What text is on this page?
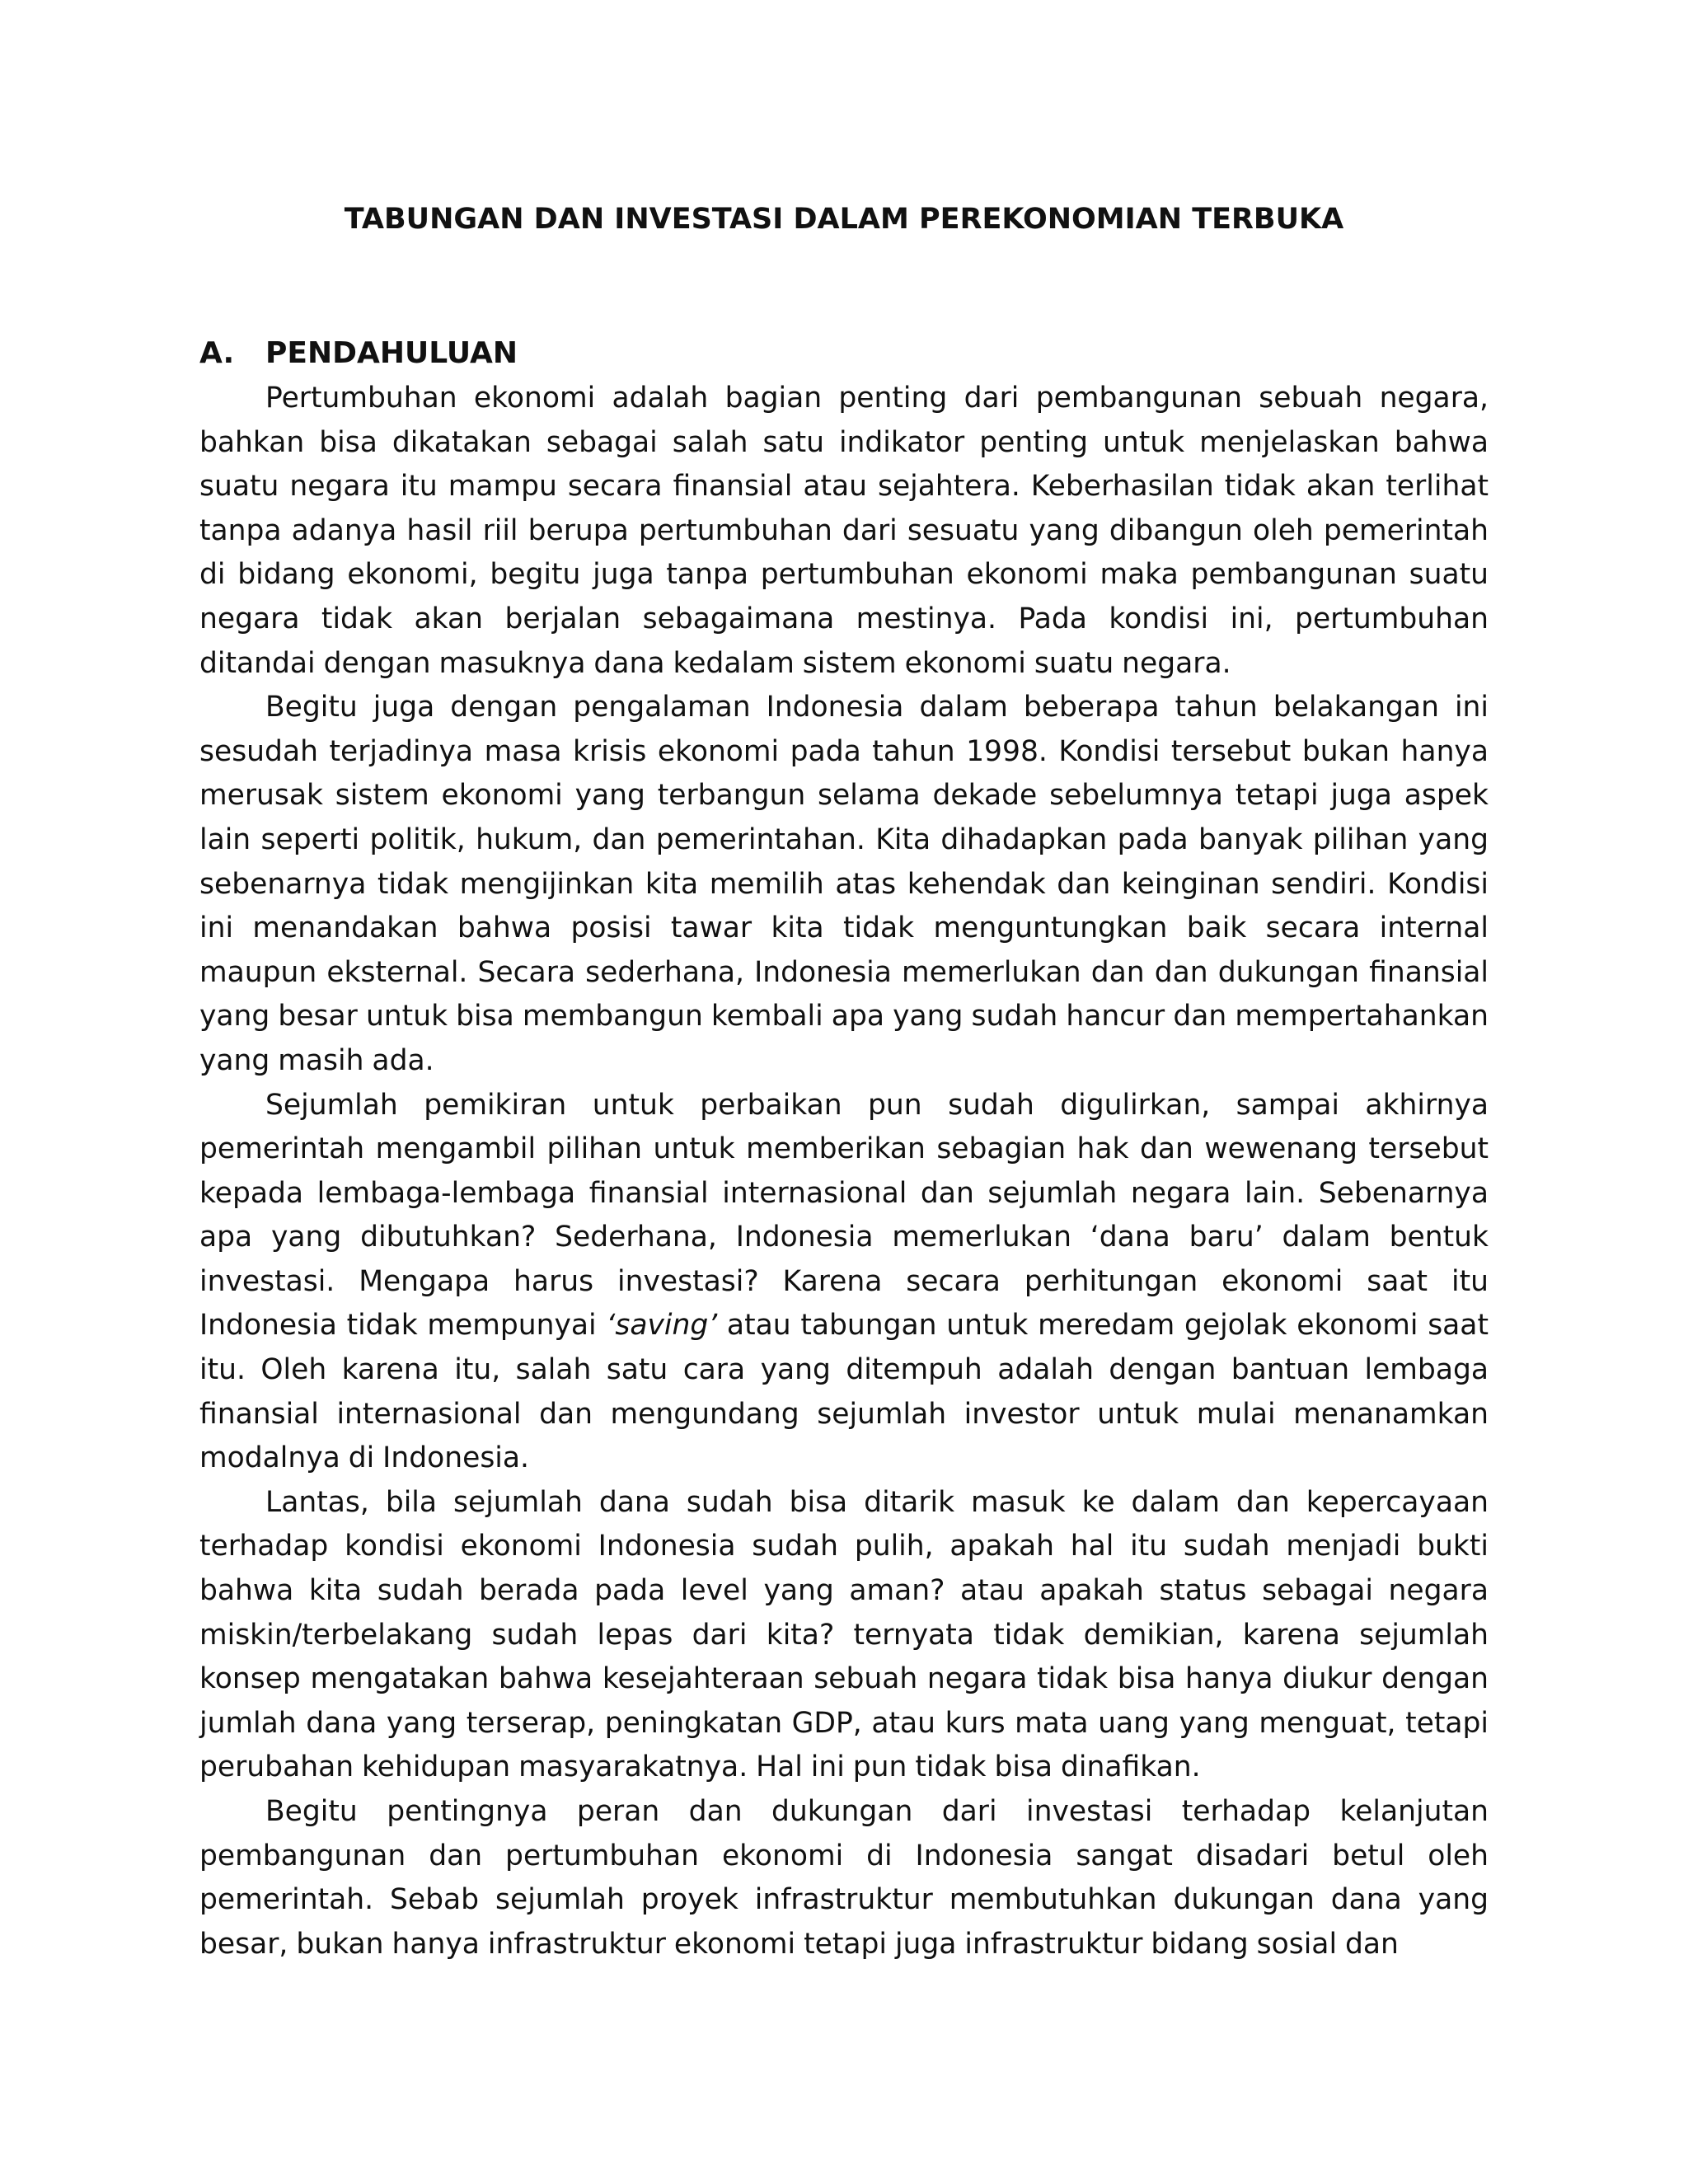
TABUNGAN DAN INVESTASI DALAM PEREKONOMIAN TERBUKA
A. PENDAHULUAN

Pertumbuhan ekonomi adalah bagian penting dari pembangunan sebuah negara, bahkan bisa dikatakan sebagai salah satu indikator penting untuk menjelaskan bahwa suatu negara itu mampu secara finansial atau sejahtera. Keberhasilan tidak akan terlihat tanpa adanya hasil riil berupa pertumbuhan dari sesuatu yang dibangun oleh pemerintah di bidang ekonomi, begitu juga tanpa pertumbuhan ekonomi maka pembangunan suatu negara tidak akan berjalan sebagaimana mestinya. Pada kondisi ini, pertumbuhan ditandai dengan masuknya dana kedalam sistem ekonomi suatu negara.

Begitu juga dengan pengalaman Indonesia dalam beberapa tahun belakangan ini sesudah terjadinya masa krisis ekonomi pada tahun 1998. Kondisi tersebut bukan hanya merusak sistem ekonomi yang terbangun selama dekade sebelumnya tetapi juga aspek lain seperti politik, hukum, dan pemerintahan. Kita dihadapkan pada banyak pilihan yang sebenarnya tidak mengijinkan kita memilih atas kehendak dan keinginan sendiri. Kondisi ini menandakan bahwa posisi tawar kita tidak menguntungkan baik secara internal maupun eksternal. Secara sederhana, Indonesia memerlukan dan dan dukungan finansial yang besar untuk bisa membangun kembali apa yang sudah hancur dan mempertahankan yang masih ada.

Sejumlah pemikiran untuk perbaikan pun sudah digulirkan, sampai akhirnya pemerintah mengambil pilihan untuk memberikan sebagian hak dan wewenang tersebut kepada lembaga-lembaga finansial internasional dan sejumlah negara lain. Sebenarnya apa yang dibutuhkan? Sederhana, Indonesia memerlukan ‘dana baru’ dalam bentuk investasi. Mengapa harus investasi? Karena secara perhitungan ekonomi saat itu Indonesia tidak mempunyai ‘saving’ atau tabungan untuk meredam gejolak ekonomi saat itu. Oleh karena itu, salah satu cara yang ditempuh adalah dengan bantuan lembaga finansial internasional dan mengundang sejumlah investor untuk mulai menanamkan modalnya di Indonesia.

Lantas, bila sejumlah dana sudah bisa ditarik masuk ke dalam dan kepercayaan terhadap kondisi ekonomi Indonesia sudah pulih, apakah hal itu sudah menjadi bukti bahwa kita sudah berada pada level yang aman? atau apakah status sebagai negara miskin/terbelakang sudah lepas dari kita? ternyata tidak demikian, karena sejumlah konsep mengatakan bahwa kesejahteraan sebuah negara tidak bisa hanya diukur dengan jumlah dana yang terserap, peningkatan GDP, atau kurs mata uang yang menguat, tetapi perubahan kehidupan masyarakatnya. Hal ini pun tidak bisa dinafikan.

Begitu pentingnya peran dan dukungan dari investasi terhadap kelanjutan pembangunan dan pertumbuhan ekonomi di Indonesia sangat disadari betul oleh pemerintah. Sebab sejumlah proyek infrastruktur membutuhkan dukungan dana yang besar, bukan hanya infrastruktur ekonomi tetapi juga infrastruktur bidang sosial dan
